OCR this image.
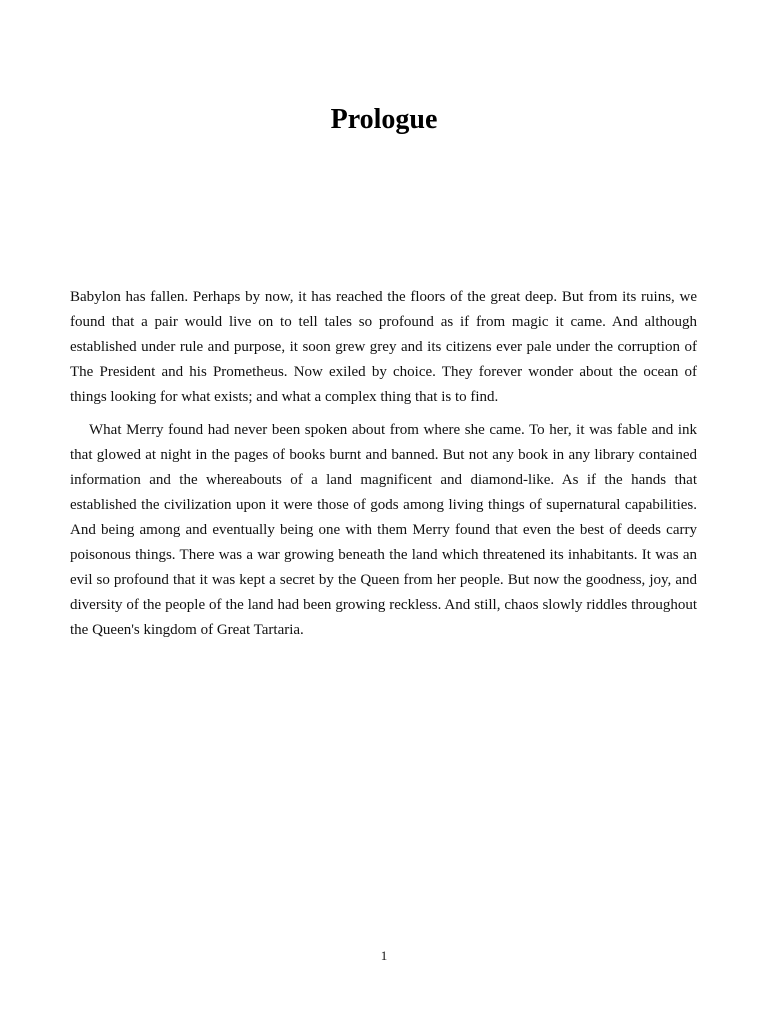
Prologue

Babylon has fallen. Perhaps by now, it has reached the floors of the great deep. But from its ruins, we found that a pair would live on to tell tales so profound as if from magic it came. And although established under rule and purpose, it soon grew grey and its citizens ever pale under the corruption of The President and his Prometheus. Now exiled by choice. They forever wonder about the ocean of things looking for what exists; and what a complex thing that is to find.

What Merry found had never been spoken about from where she came. To her, it was fable and ink that glowed at night in the pages of books burnt and banned. But not any book in any library contained information and the whereabouts of a land magnificent and diamond-like. As if the hands that established the civilization upon it were those of gods among living things of supernatural capabilities. And being among and eventually being one with them Merry found that even the best of deeds carry poisonous things. There was a war growing beneath the land which threatened its inhabitants. It was an evil so profound that it was kept a secret by the Queen from her people. But now the goodness, joy, and diversity of the people of the land had been growing reckless. And still, chaos slowly riddles throughout the Queen's kingdom of Great Tartaria.

1
